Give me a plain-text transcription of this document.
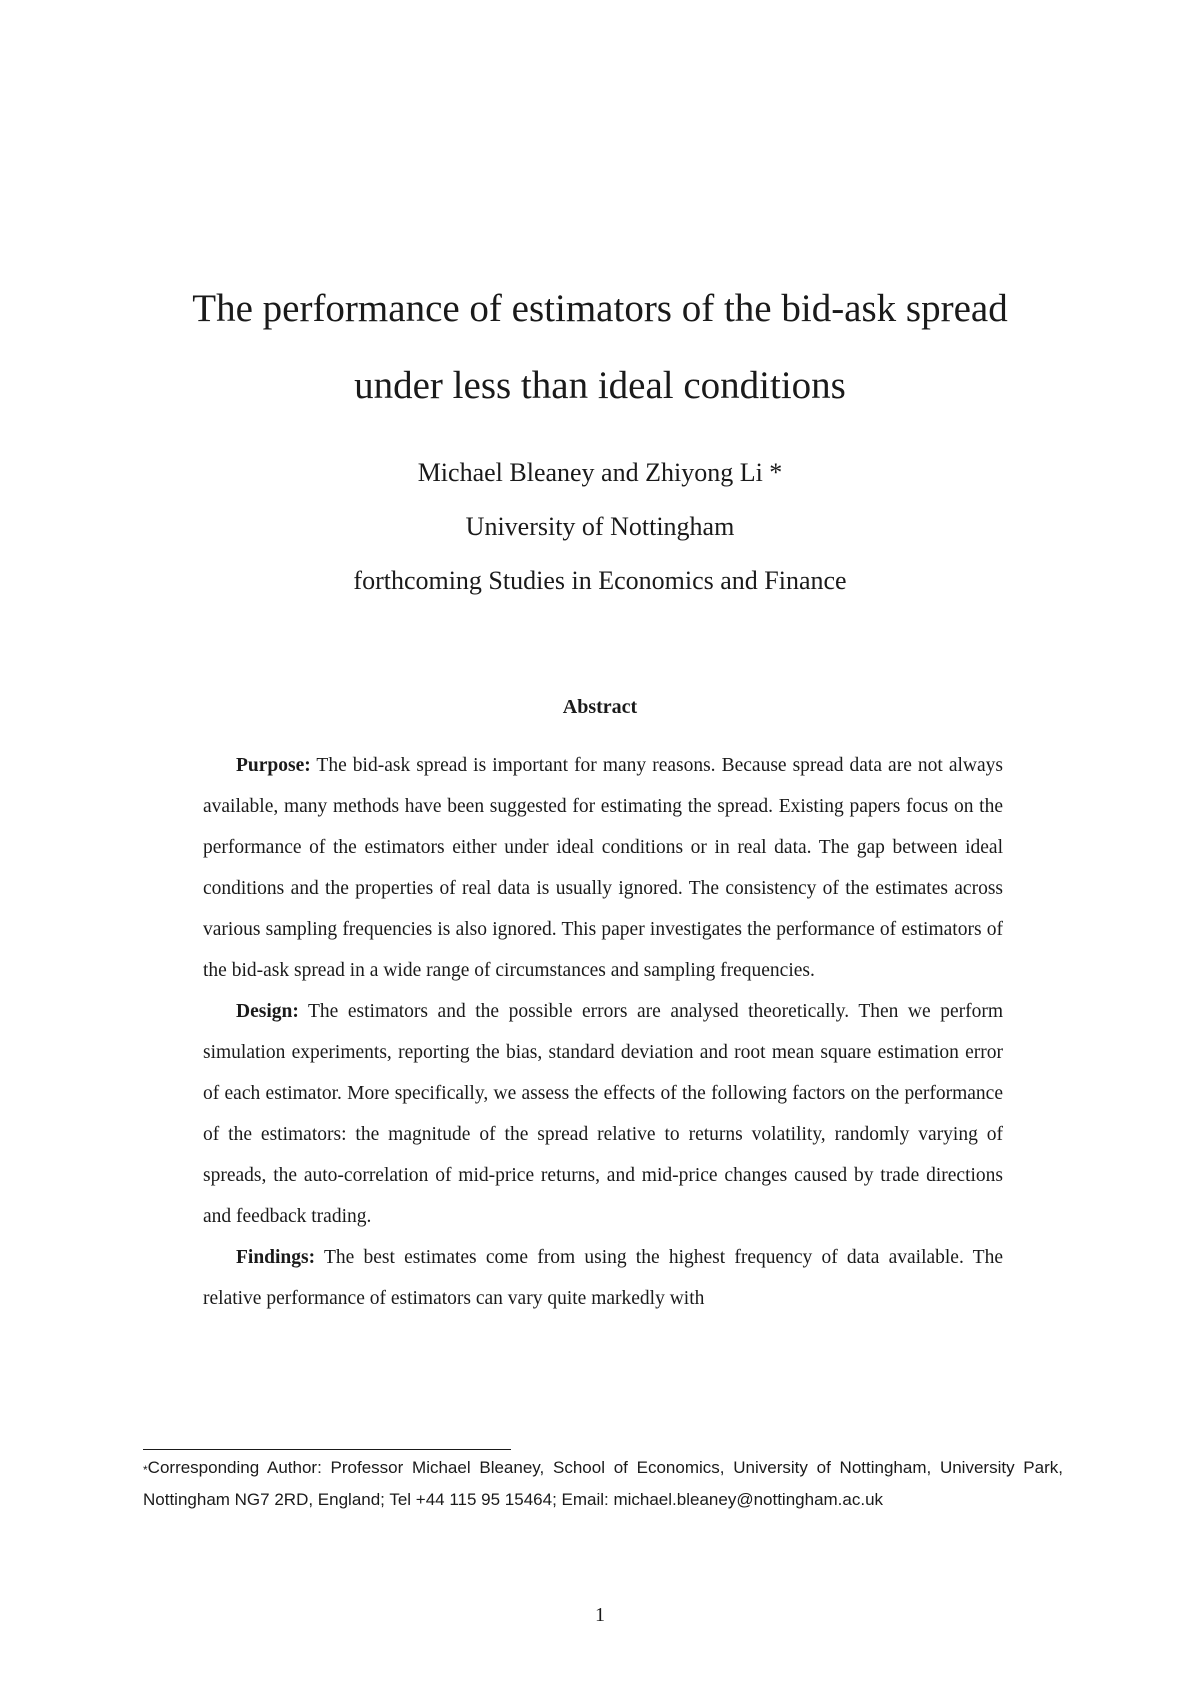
The performance of estimators of the bid-ask spread
under less than ideal conditions

Michael Bleaney and Zhiyong Li *

University of Nottingham

forthcoming Studies in Economics and Finance

Abstract

Purpose: The bid-ask spread is important for many reasons. Because spread data are not always available, many methods have been suggested for estimating the spread. Existing papers focus on the performance of the estimators either under ideal conditions or in real data. The gap between ideal conditions and the properties of real data is usually ignored. The consistency of the estimates across various sampling frequencies is also ignored. This paper investigates the performance of estimators of the bid-ask spread in a wide range of circumstances and sampling frequencies.

Design: The estimators and the possible errors are analysed theoretically. Then we perform simulation experiments, reporting the bias, standard deviation and root mean square estimation error of each estimator. More specifically, we assess the effects of the following factors on the performance of the estimators: the magnitude of the spread relative to returns volatility, randomly varying of spreads, the auto-correlation of mid-price returns, and mid-price changes caused by trade directions and feedback trading.

Findings: The best estimates come from using the highest frequency of data available. The relative performance of estimators can vary quite markedly with

*Corresponding Author: Professor Michael Bleaney, School of Economics, University of Nottingham, University Park, Nottingham NG7 2RD, England; Tel +44 115 95 15464; Email: michael.bleaney@nottingham.ac.uk

1
